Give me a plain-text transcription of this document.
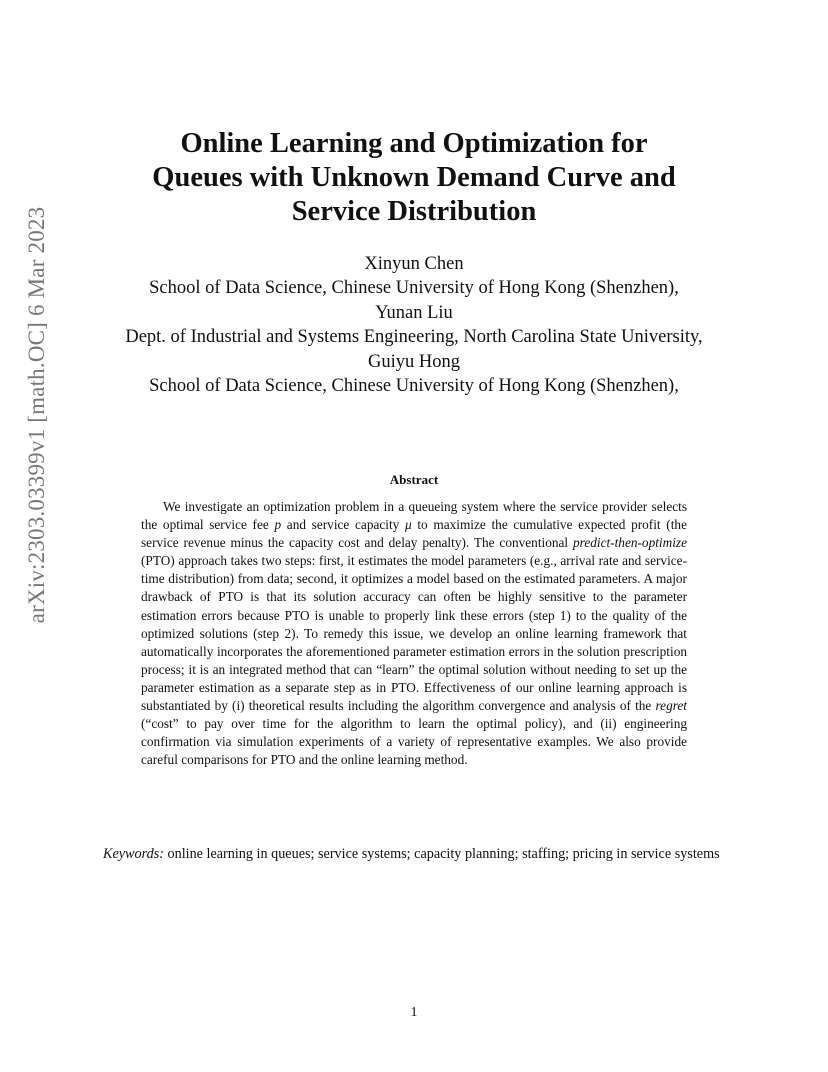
arXiv:2303.03399v1 [math.OC] 6 Mar 2023
Online Learning and Optimization for
Queues with Unknown Demand Curve and
Service Distribution
Xinyun Chen
School of Data Science, Chinese University of Hong Kong (Shenzhen),
Yunan Liu
Dept. of Industrial and Systems Engineering, North Carolina State University,
Guiyu Hong
School of Data Science, Chinese University of Hong Kong (Shenzhen),
Abstract

We investigate an optimization problem in a queueing system where the service provider selects the optimal service fee p and service capacity μ to maximize the cumulative expected profit (the service revenue minus the capacity cost and delay penalty). The conventional predict-then-optimize (PTO) approach takes two steps: first, it estimates the model parameters (e.g., arrival rate and service-time distribution) from data; second, it optimizes a model based on the estimated parameters. A major drawback of PTO is that its solution accuracy can often be highly sensitive to the parameter estimation errors because PTO is unable to properly link these errors (step 1) to the quality of the optimized solutions (step 2). To remedy this issue, we develop an online learning framework that automatically incorporates the aforementioned parameter estimation errors in the solution prescription process; it is an integrated method that can “learn” the optimal solution without needing to set up the parameter estimation as a separate step as in PTO. Effectiveness of our online learning approach is substantiated by (i) theoretical results including the algorithm convergence and analysis of the regret (“cost” to pay over time for the algorithm to learn the optimal policy), and (ii) engineering confirmation via simulation experiments of a variety of representative examples. We also provide careful comparisons for PTO and the online learning method.

Keywords: online learning in queues; service systems; capacity planning; staffing; pricing in service systems
1
